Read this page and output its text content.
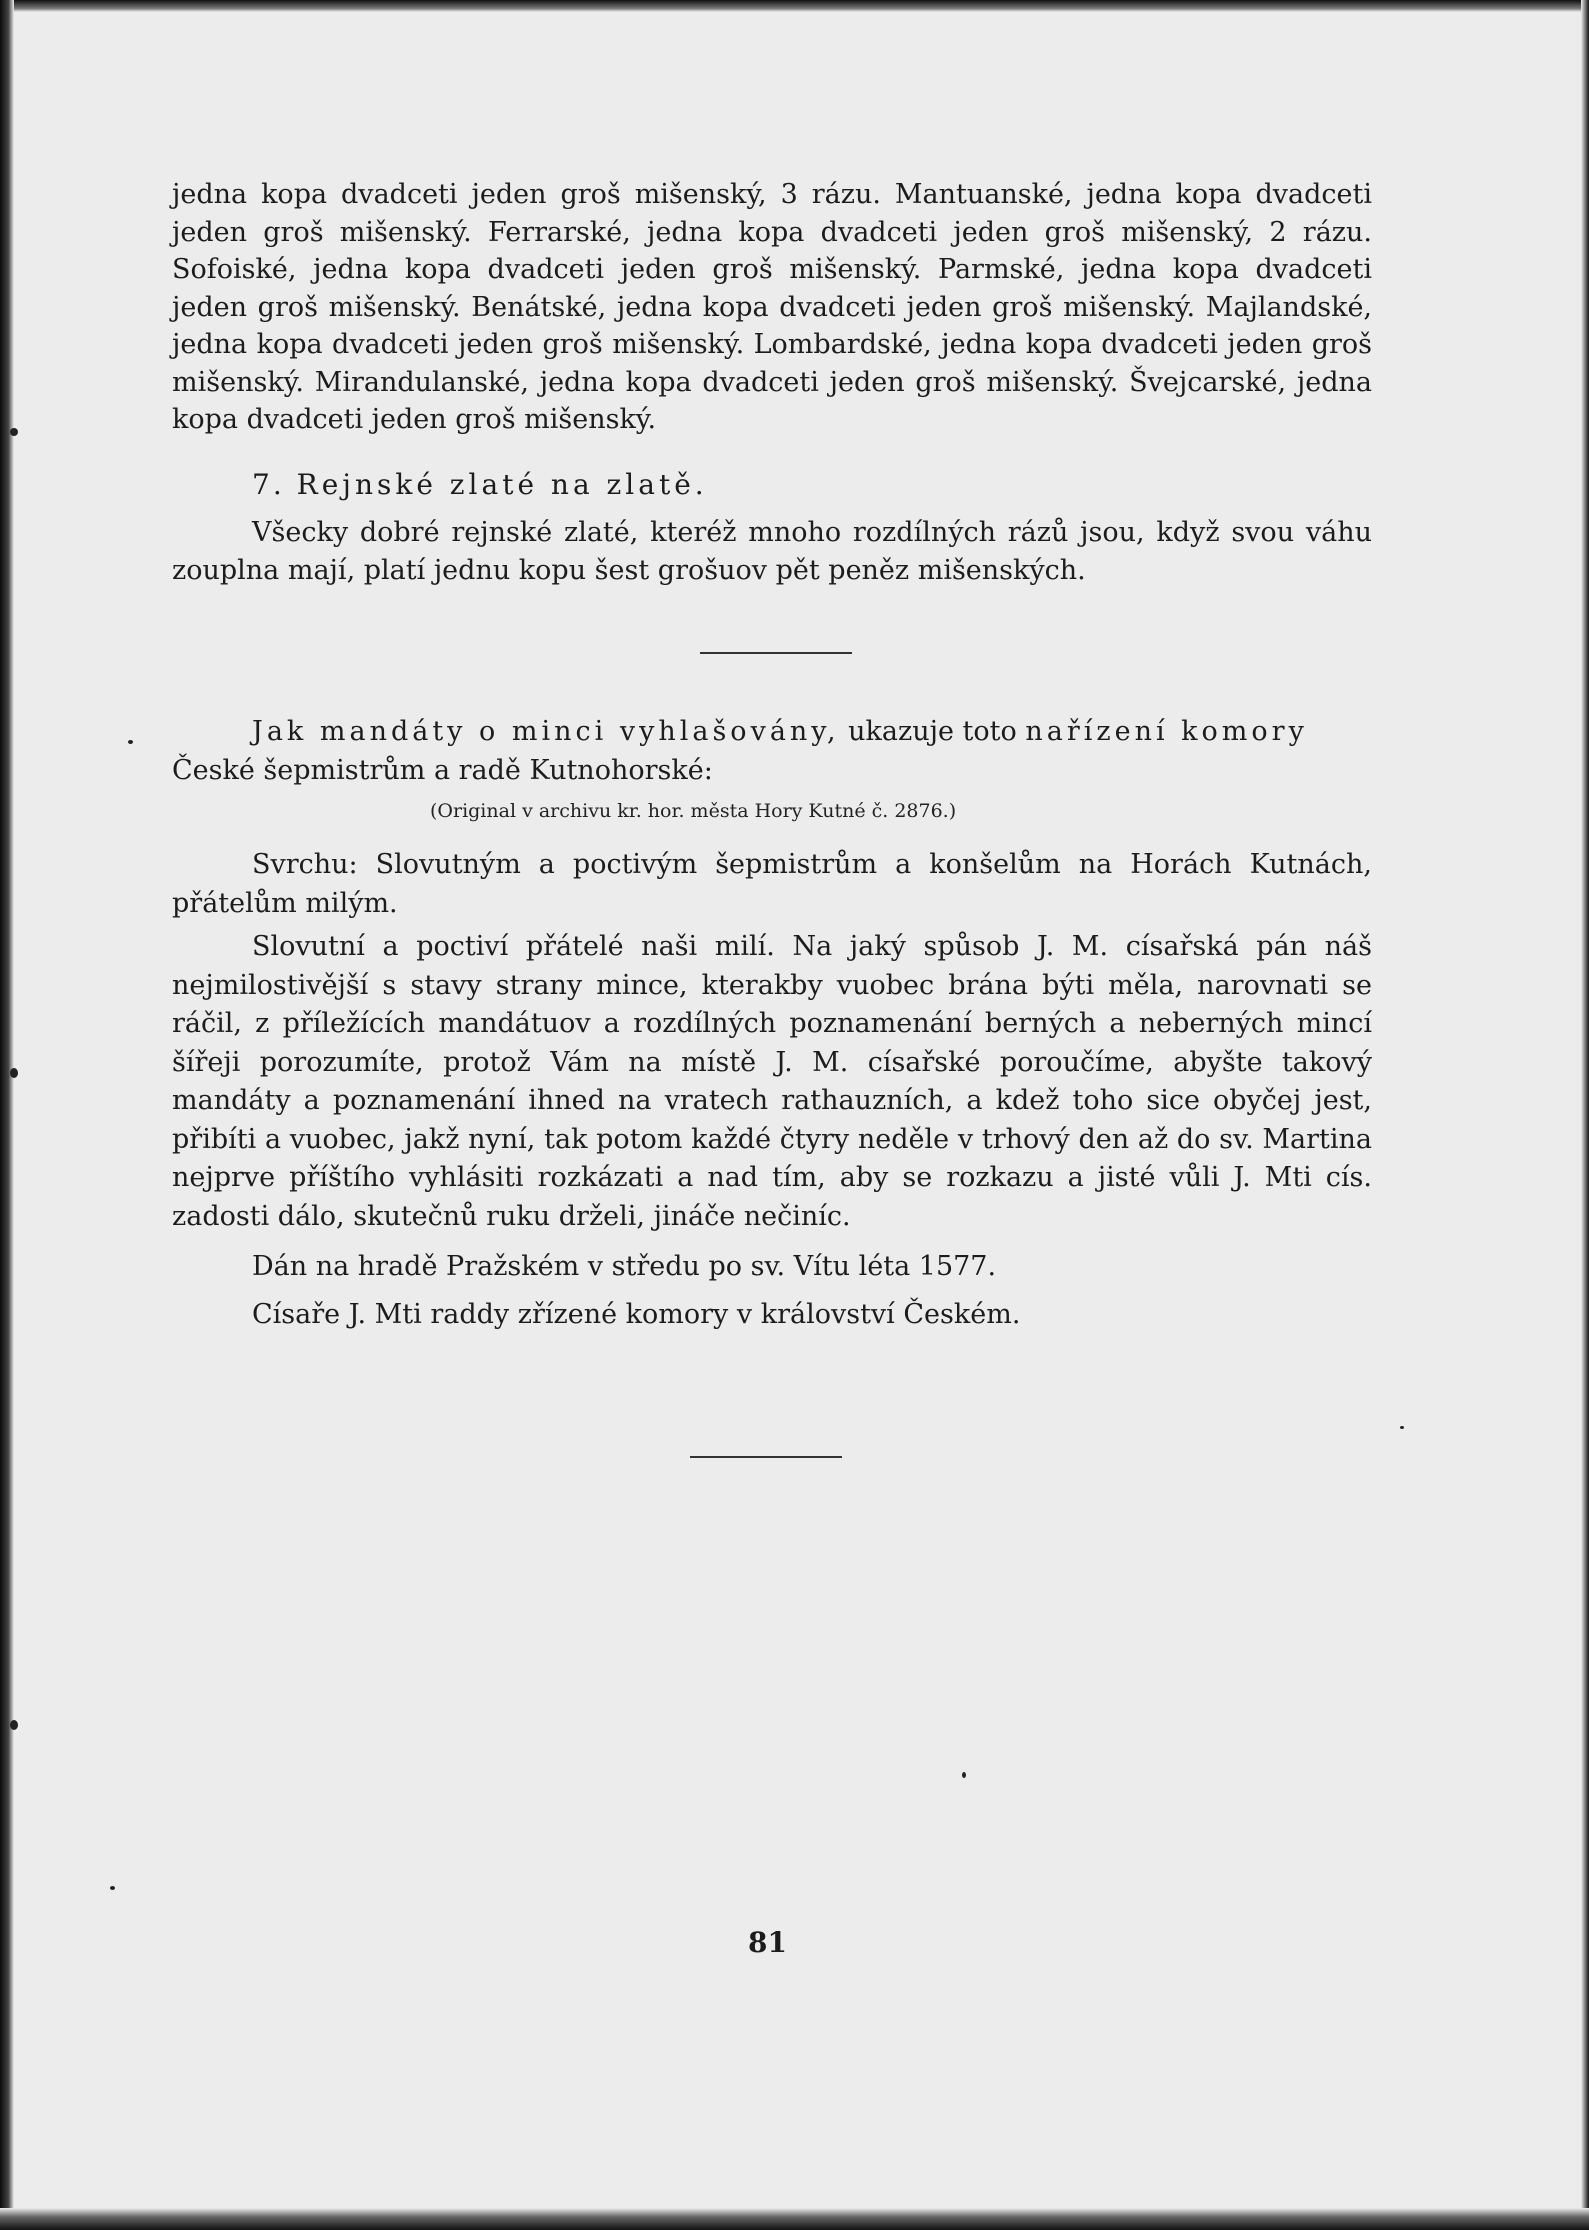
jedna kopa dvadceti jeden groš mišenský, 3 rázu. Mantuanské, jedna kopa dvadceti jeden groš mišenský. Ferrarské, jedna kopa dvadceti jeden groš mišenský, 2 rázu. Sofoiské, jedna kopa dvadceti jeden groš mišenský. Parmské, jedna kopa dvadceti jeden groš mišenský. Benátské, jedna kopa dvadceti jeden groš mišenský. Majlandské, jedna kopa dvadceti jeden groš mišenský. Lombardské, jedna kopa dvadceti jeden groš mišenský. Mirandulanské, jedna kopa dvadceti jeden groš mišenský. Švejcarské, jedna kopa dvadceti jeden groš mišenský.

7. Rejnské zlaté na zlatě.

Všecky dobré rejnské zlaté, kteréž mnoho rozdílných rázů jsou, když svou váhu zouplna mají, platí jednu kopu šest grošuov pět peněz mišenských.

Jak mandáty o minci vyhlašovány, ukazuje toto nařízení komory
České šepmistrům a radě Kutnohorské:
(Original v archivu kr. hor. města Hory Kutné č. 2876.)

Svrchu: Slovutným a poctivým šepmistrům a konšelům na Horách Kutnách, přátelům milým.

Slovutní a poctiví přátelé naši milí. Na jaký spůsob J. M. císařská pán náš nejmilostivější s stavy strany mince, kterakby vuobec brána býti měla, narovnati se ráčil, z příležících mandátuov a rozdílných poznamenání berných a neberných mincí šířeji porozumíte, protož Vám na místě J. M. císařské poroučíme, abyšte takový mandáty a poznamenání ihned na vratech rathauzních, a kdež toho sice obyčej jest, přibíti a vuobec, jakž nyní, tak potom každé čtyry neděle v trhový den až do sv. Martina nejprve příštího vyhlásiti rozkázati a nad tím, aby se rozkazu a jisté vůli J. Mti cís. zadosti dálo, skutečnů ruku drželi, jináče nečiníc.

Dán na hradě Pražském v středu po sv. Vítu léta 1577.

Císaře J. Mti raddy zřízené komory v království Českém.

81
